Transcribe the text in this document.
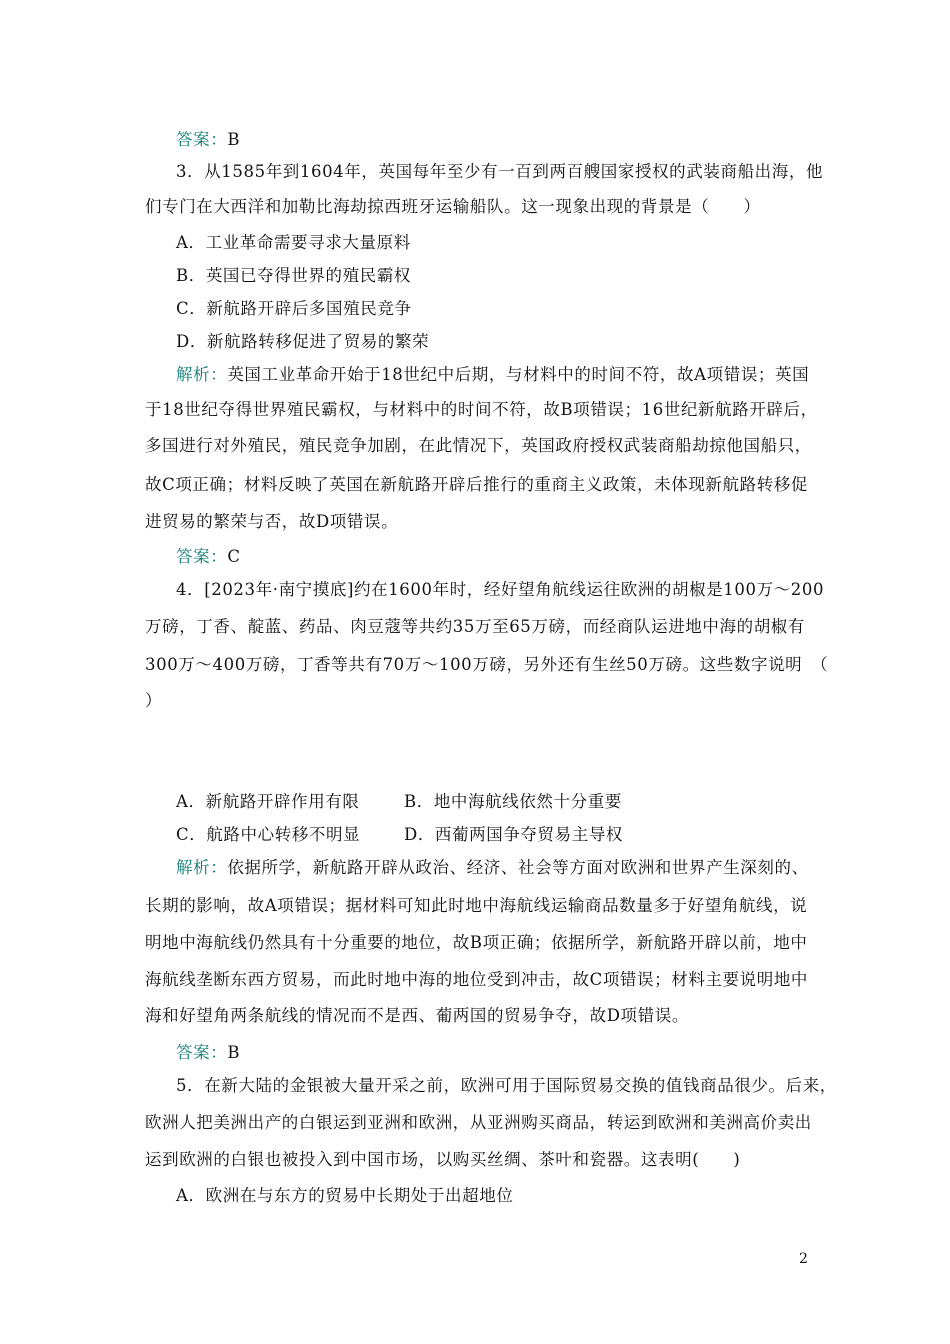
答案：B
3．从1585年到1604年，英国每年至少有一百到两百艘国家授权的武装商船出海，他
们专门在大西洋和加勒比海劫掠西班牙运输船队。这一现象出现的背景是（　　）
A．工业革命需要寻求大量原料
B．英国已夺得世界的殖民霸权
C．新航路开辟后多国殖民竞争
D．新航路转移促进了贸易的繁荣
解析：英国工业革命开始于18世纪中后期，与材料中的时间不符，故A项错误；英国
于18世纪夺得世界殖民霸权，与材料中的时间不符，故B项错误；16世纪新航路开辟后，
多国进行对外殖民，殖民竞争加剧，在此情况下，英国政府授权武装商船劫掠他国船只，
故C项正确；材料反映了英国在新航路开辟后推行的重商主义政策，未体现新航路转移促
进贸易的繁荣与否，故D项错误。
答案：C
4．[2023年·南宁摸底]约在1600年时，经好望角航线运往欧洲的胡椒是100万～200
万磅，丁香、靛蓝、药品、肉豆蔻等共约35万至65万磅，而经商队运进地中海的胡椒有
300万～400万磅，丁香等共有70万～100万磅，另外还有生丝50万磅。这些数字说明　（
）
A．新航路开辟作用有限	B．地中海航线依然十分重要
C．航路中心转移不明显	D．西葡两国争夺贸易主导权
解析：依据所学，新航路开辟从政治、经济、社会等方面对欧洲和世界产生深刻的、
长期的影响，故A项错误；据材料可知此时地中海航线运输商品数量多于好望角航线，说
明地中海航线仍然具有十分重要的地位，故B项正确；依据所学，新航路开辟以前，地中
海航线垄断东西方贸易，而此时地中海的地位受到冲击，故C项错误；材料主要说明地中
海和好望角两条航线的情况而不是西、葡两国的贸易争夺，故D项错误。
答案：B
5．在新大陆的金银被大量开采之前，欧洲可用于国际贸易交换的值钱商品很少。后来，
欧洲人把美洲出产的白银运到亚洲和欧洲，从亚洲购买商品，转运到欧洲和美洲高价卖出
运到欧洲的白银也被投入到中国市场，以购买丝绸、茶叶和瓷器。这表明(　　)
A．欧洲在与东方的贸易中长期处于出超地位
2
